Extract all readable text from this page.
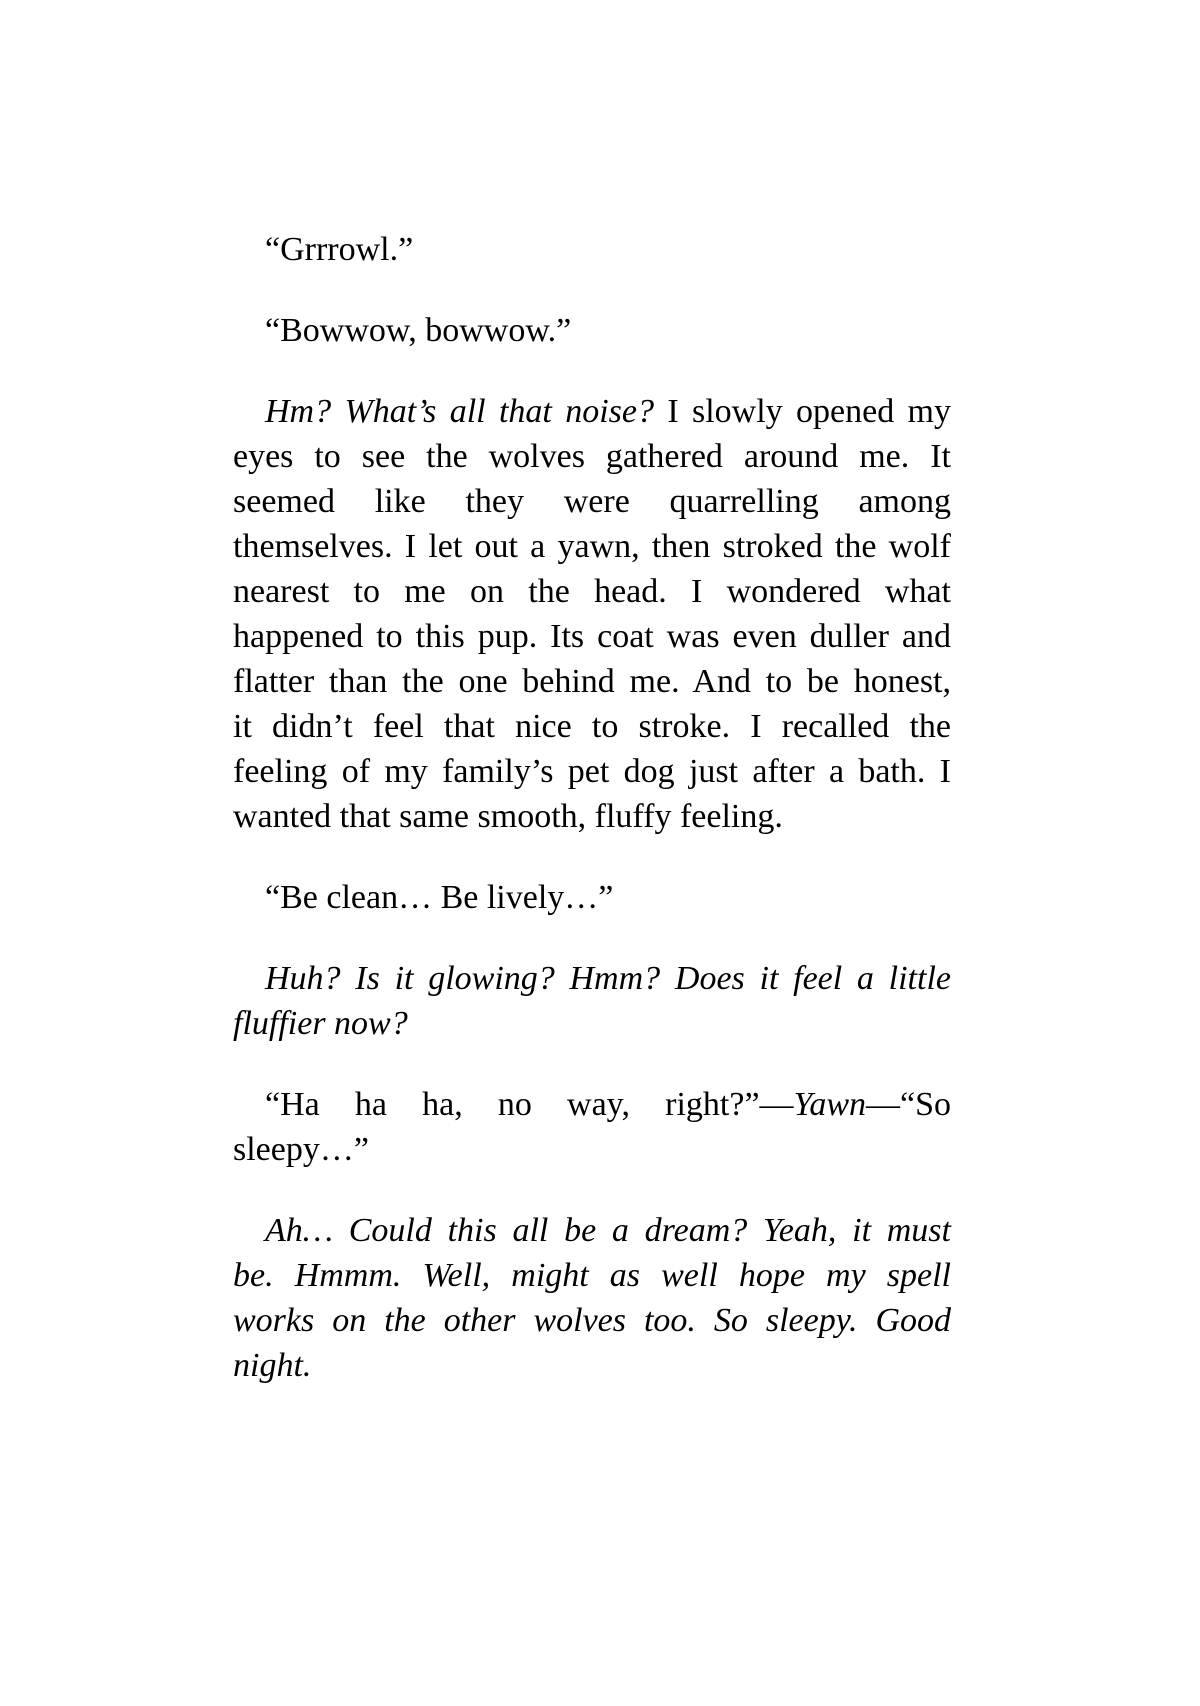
“Grrrowl.”
“Bowwow, bowwow.”
Hm? What’s all that noise? I slowly opened my
eyes to see the wolves gathered around me. It
seemed like they were quarrelling among
themselves. I let out a yawn, then stroked the wolf
nearest to me on the head. I wondered what
happened to this pup. Its coat was even duller and
flatter than the one behind me. And to be honest,
it didn’t feel that nice to stroke. I recalled the
feeling of my family’s pet dog just after a bath. I
wanted that same smooth, fluffy feeling.
“Be clean… Be lively…”
Huh? Is it glowing? Hmm? Does it feel a little
fluffier now?
“Ha ha ha, no way, right?”—Yawn—“So
sleepy…”
Ah… Could this all be a dream? Yeah, it must
be. Hmmm. Well, might as well hope my spell
works on the other wolves too. So sleepy. Good
night.
